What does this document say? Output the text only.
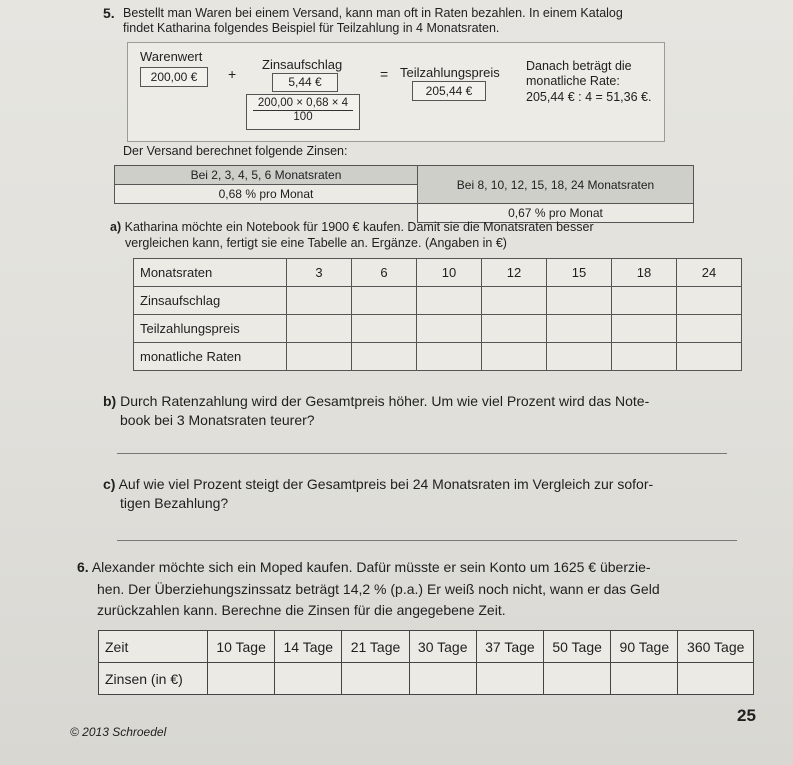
5. Bestellt man Waren bei einem Versand, kann man oft in Raten bezahlen. In einem Katalog
findet Katharina folgendes Beispiel für Teilzahlung in 4 Monatsraten.
Warenwert
200,00 €	+
Zinsaufschlag
5,44 €
$\frac{200,00 \times 0,68 \times 4}{100}$
= Teilzahlungspreis
205,44 €
Danach beträgt die
monatliche Rate:
205,44 € : 4 = 51,36 €.
Der Versand berechnet folgende Zinsen:
Bei 2, 3, 4, 5, 6 Monatsraten	Bei 8, 10, 12, 15, 18, 24 Monatsraten
0,68 % pro Monat	
	0,67 % pro Monat
a) Katharina möchte ein Notebook für 1900 € kaufen. Damit sie die Monatsraten besser
vergleichen kann, fertigt sie eine Tabelle an. Ergänze. (Angaben in €)
Monatsraten	3	6	10	12	15	18	24
Zinsaufschlag							
Teilzahlungspreis							
monatliche Raten							
b) Durch Ratenzahlung wird der Gesamtpreis höher. Um wie viel Prozent wird das Note-
book bei 3 Monatsraten teurer?
c) Auf wie viel Prozent steigt der Gesamtpreis bei 24 Monatsraten im Vergleich zur sofor-
tigen Bezahlung?
6. Alexander möchte sich ein Moped kaufen. Dafür müsste er sein Konto um 1625 € überzie-
hen. Der Überziehungszinssatz beträgt 14,2 % (p.a.) Er weiß noch nicht, wann er das Geld
zurückzahlen kann. Berechne die Zinsen für die angegebene Zeit.
Zeit	10 Tage	14 Tage	21 Tage	30 Tage	37 Tage	50 Tage	90 Tage	360 Tage
Zinsen (in €)								
25
© 2013 Schroedel
